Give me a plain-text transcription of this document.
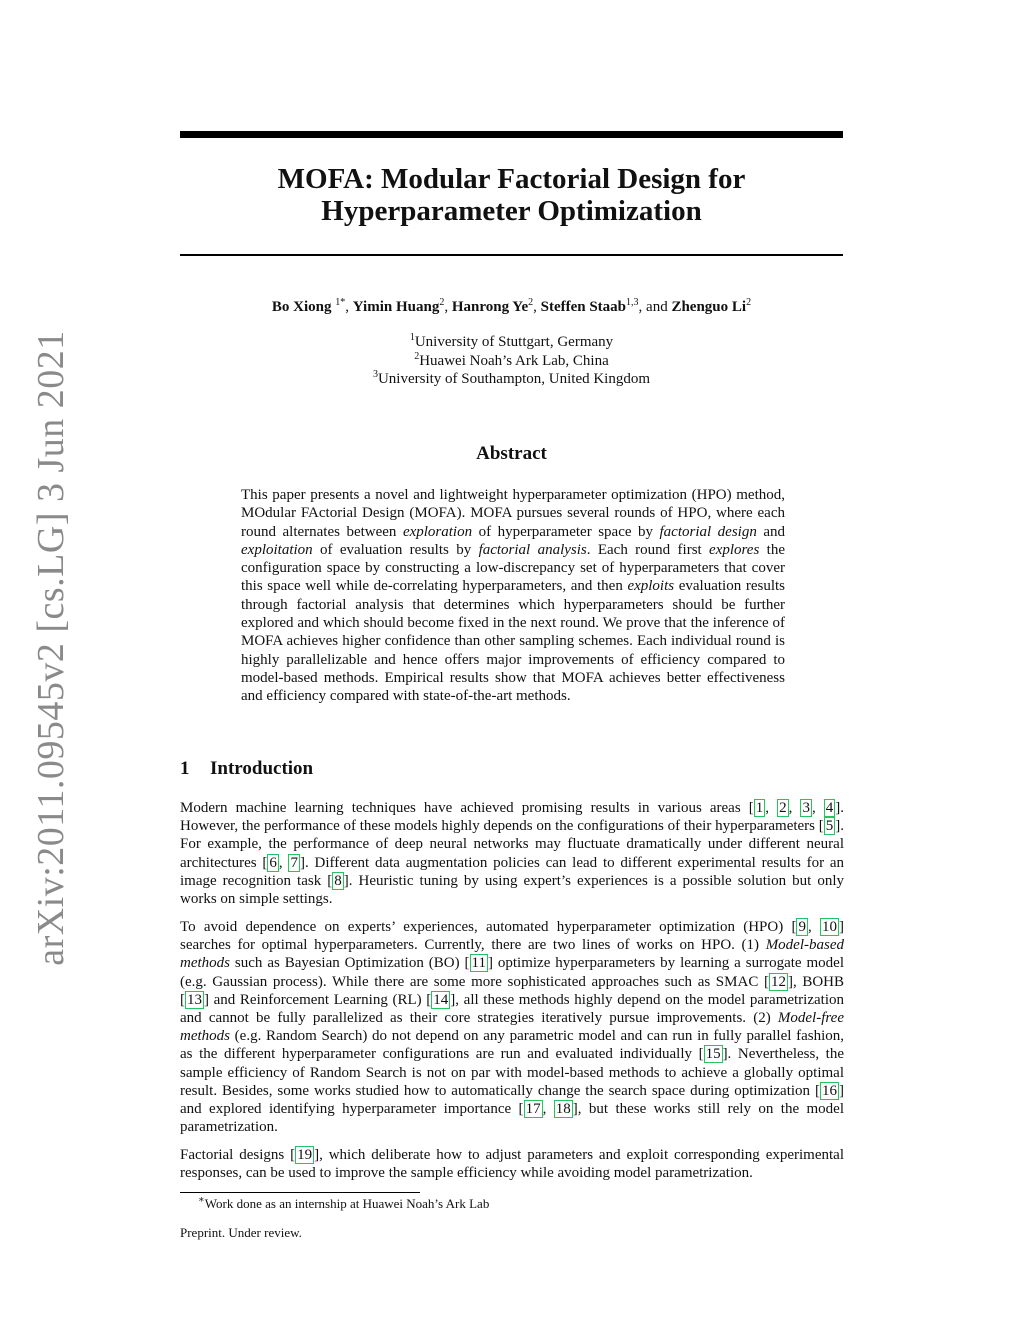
arXiv:2011.09545v2 [cs.LG] 3 Jun 2021
MOFA: Modular Factorial Design for
Hyperparameter Optimization
Bo Xiong $^{1*}$, Yimin Huang$^2$, Hanrong Ye$^2$, Steffen Staab$^{1,3}$, and Zhenguo Li$^2$
$^1$University of Stuttgart, Germany
$^2$Huawei Noah’s Ark Lab, China
$^3$University of Southampton, United Kingdom
Abstract
This paper presents a novel and lightweight hyperparameter optimization (HPO) method, MOdular FActorial Design (MOFA). MOFA pursues several rounds of HPO, where each round alternates between exploration of hyperparameter space by factorial design and exploitation of evaluation results by factorial analysis. Each round first explores the configuration space by constructing a low-discrepancy set of hyperparameters that cover this space well while de-correlating hyperparameters, and then exploits evaluation results through factorial analysis that determines which hyperparameters should be further explored and which should become fixed in the next round. We prove that the inference of MOFA achieves higher confidence than other sampling schemes. Each individual round is highly parallelizable and hence offers major improvements of efficiency compared to model-based methods. Empirical results show that MOFA achieves better effectiveness and efficiency compared with state-of-the-art methods.
1 Introduction
Modern machine learning techniques have achieved promising results in various areas [ 1 , 2 , 3 , 4 ]. However, the performance of these models highly depends on the configurations of their hyperparameters [ 5 ]. For example, the performance of deep neural networks may fluctuate dramatically under different neural architectures [ 6 , 7 ]. Different data augmentation policies can lead to different experimental results for an image recognition task [ 8 ]. Heuristic tuning by using expert’s experiences is a possible solution but only works on simple settings.
To avoid dependence on experts’ experiences, automated hyperparameter optimization (HPO) [ 9 , 10 ] searches for optimal hyperparameters. Currently, there are two lines of works on HPO. (1) Model-based methods such as Bayesian Optimization (BO) [ 11 ] optimize hyperparameters by learning a surrogate model (e.g. Gaussian process). While there are some more sophisticated approaches such as SMAC [ 12 ], BOHB [ 13 ] and Reinforcement Learning (RL) [ 14 ], all these methods highly depend on the model parametrization and cannot be fully parallelized as their core strategies iteratively pursue improvements. (2) Model-free methods (e.g. Random Search) do not depend on any parametric model and can run in fully parallel fashion, as the different hyperparameter configurations are run and evaluated individually [ 15 ]. Nevertheless, the sample efficiency of Random Search is not on par with model-based methods to achieve a globally optimal result. Besides, some works studied how to automatically change the search space during optimization [ 16 ] and explored identifying hyperparameter importance [ 17 , 18 ], but these works still rely on the model parametrization.
Factorial designs [ 19 ], which deliberate how to adjust parameters and exploit corresponding experimental responses, can be used to improve the sample efficiency while avoiding model parametrization.
∗Work done as an internship at Huawei Noah’s Ark Lab
Preprint. Under review.
